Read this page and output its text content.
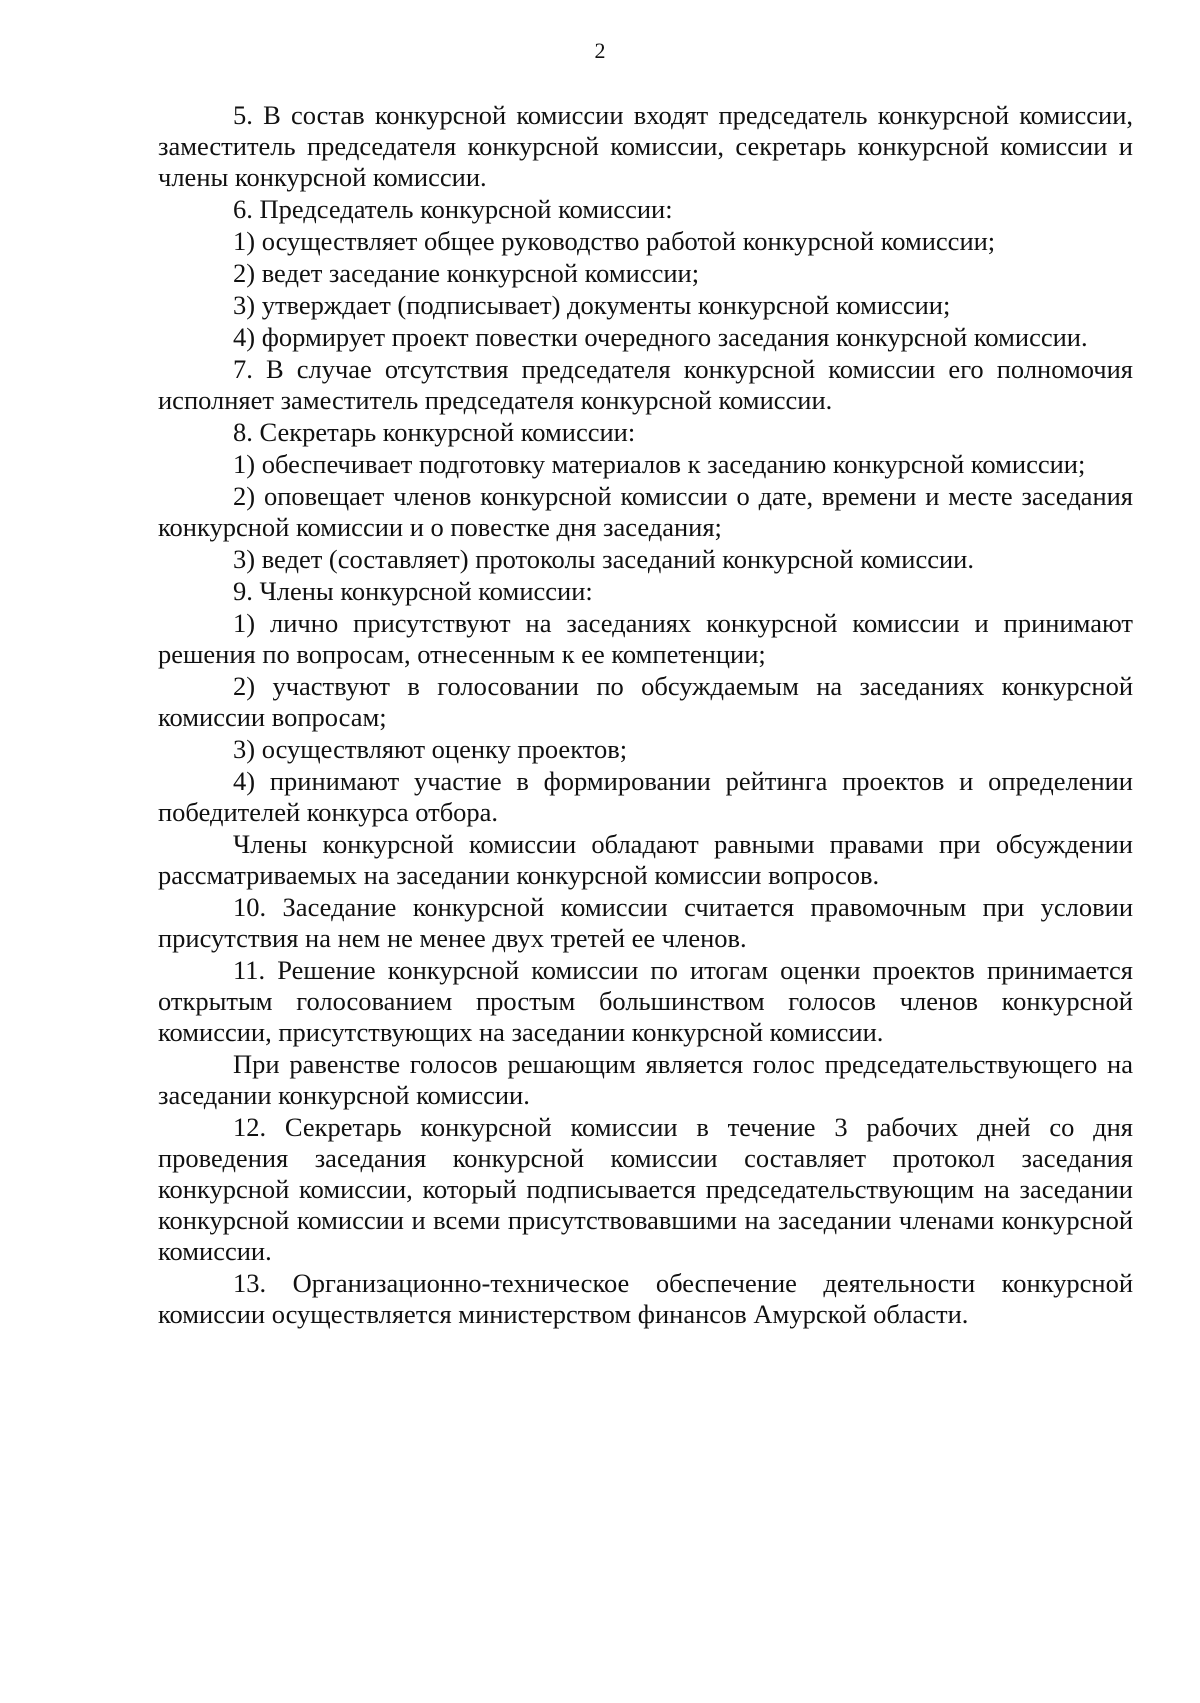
2

5. В состав конкурсной комиссии входят председатель конкурсной комиссии, заместитель председателя конкурсной комиссии, секретарь конкурсной комиссии и члены конкурсной комиссии.

6. Председатель конкурсной комиссии:

1) осуществляет общее руководство работой конкурсной комиссии;

2) ведет заседание конкурсной комиссии;

3) утверждает (подписывает) документы конкурсной комиссии;

4) формирует проект повестки очередного заседания конкурсной комиссии.

7. В случае отсутствия председателя конкурсной комиссии его полномочия исполняет заместитель председателя конкурсной комиссии.

8. Секретарь конкурсной комиссии:

1) обеспечивает подготовку материалов к заседанию конкурсной комиссии;

2) оповещает членов конкурсной комиссии о дате, времени и месте заседания конкурсной комиссии и о повестке дня заседания;

3) ведет (составляет) протоколы заседаний конкурсной комиссии.

9. Члены конкурсной комиссии:

1) лично присутствуют на заседаниях конкурсной комиссии и принимают решения по вопросам, отнесенным к ее компетенции;

2) участвуют в голосовании по обсуждаемым на заседаниях конкурсной комиссии вопросам;

3) осуществляют оценку проектов;

4) принимают участие в формировании рейтинга проектов и определении победителей конкурса отбора.

Члены конкурсной комиссии обладают равными правами при обсуждении рассматриваемых на заседании конкурсной комиссии вопросов.

10. Заседание конкурсной комиссии считается правомочным при условии присутствия на нем не менее двух третей ее членов.

11. Решение конкурсной комиссии по итогам оценки проектов принимается открытым голосованием простым большинством голосов членов конкурсной комиссии, присутствующих на заседании конкурсной комиссии.

При равенстве голосов решающим является голос председательствующего на заседании конкурсной комиссии.

12. Секретарь конкурсной комиссии в течение 3 рабочих дней со дня проведения заседания конкурсной комиссии составляет протокол заседания конкурсной комиссии, который подписывается председательствующим на заседании конкурсной комиссии и всеми присутствовавшими на заседании членами конкурсной комиссии.

13. Организационно-техническое обеспечение деятельности конкурсной комиссии осуществляется министерством финансов Амурской области.
